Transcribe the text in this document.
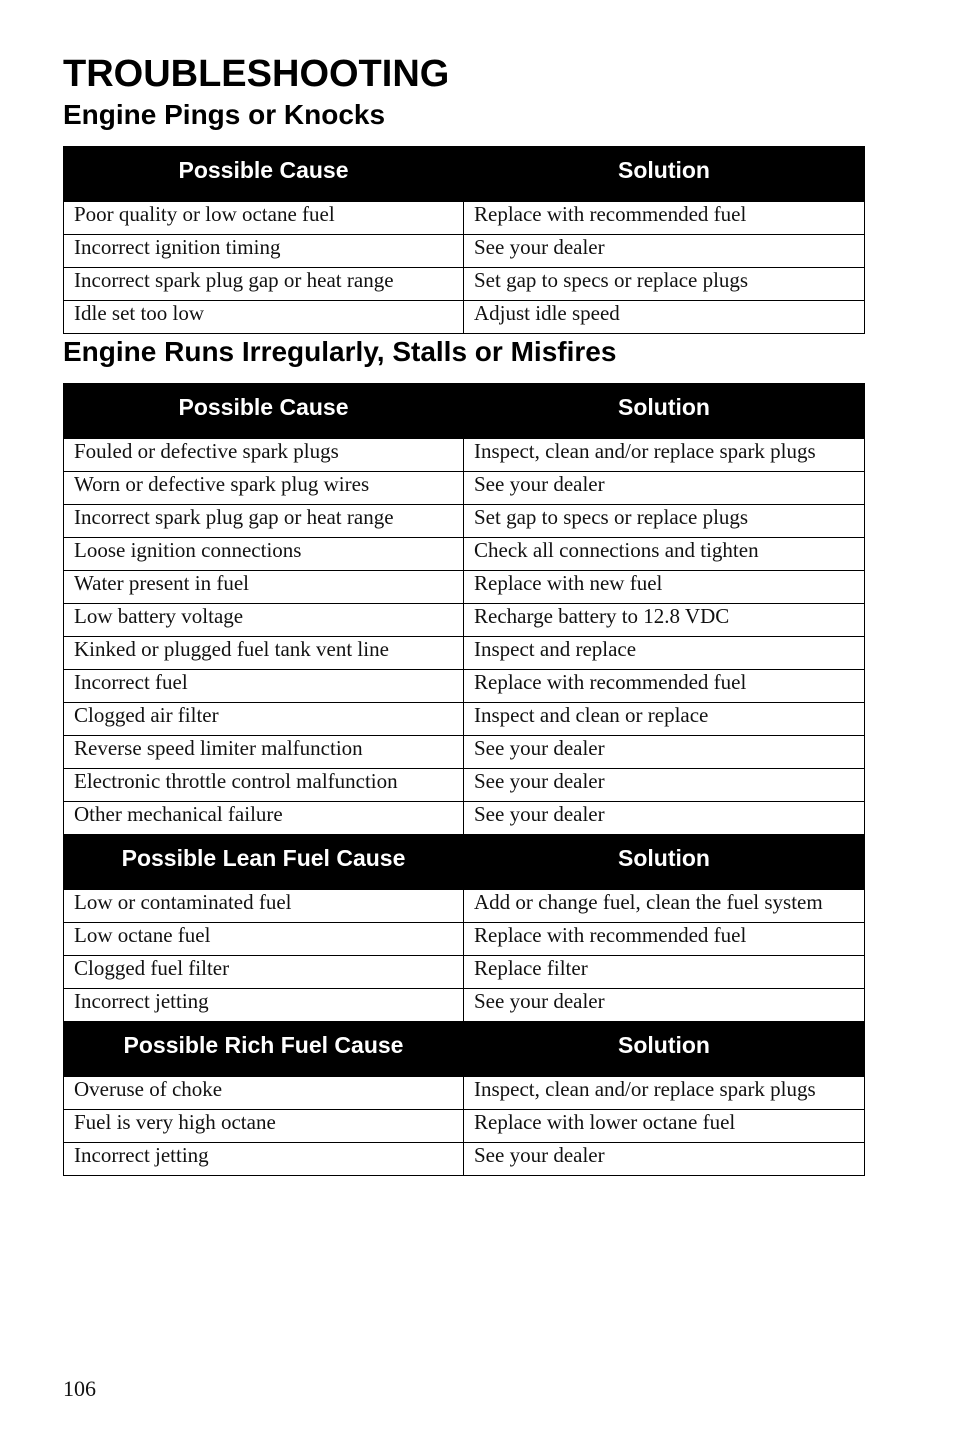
TROUBLESHOOTING
Engine Pings or Knocks
Possible Cause	Solution
Poor quality or low octane fuel	Replace with recommended fuel
Incorrect ignition timing	See your dealer
Incorrect spark plug gap or heat range	Set gap to specs or replace plugs
Idle set too low	Adjust idle speed
Engine Runs Irregularly, Stalls or Misfires
Possible Cause	Solution
Fouled or defective spark plugs	Inspect, clean and/or replace spark plugs
Worn or defective spark plug wires	See your dealer
Incorrect spark plug gap or heat range	Set gap to specs or replace plugs
Loose ignition connections	Check all connections and tighten
Water present in fuel	Replace with new fuel
Low battery voltage	Recharge battery to 12.8 VDC
Kinked or plugged fuel tank vent line	Inspect and replace
Incorrect fuel	Replace with recommended fuel
Clogged air filter	Inspect and clean or replace
Reverse speed limiter malfunction	See your dealer
Electronic throttle control malfunction	See your dealer
Other mechanical failure	See your dealer
Possible Lean Fuel Cause	Solution
Low or contaminated fuel	Add or change fuel, clean the fuel system
Low octane fuel	Replace with recommended fuel
Clogged fuel filter	Replace filter
Incorrect jetting	See your dealer
Possible Rich Fuel Cause	Solution
Overuse of choke	Inspect, clean and/or replace spark plugs
Fuel is very high octane	Replace with lower octane fuel
Incorrect jetting	See your dealer
106
